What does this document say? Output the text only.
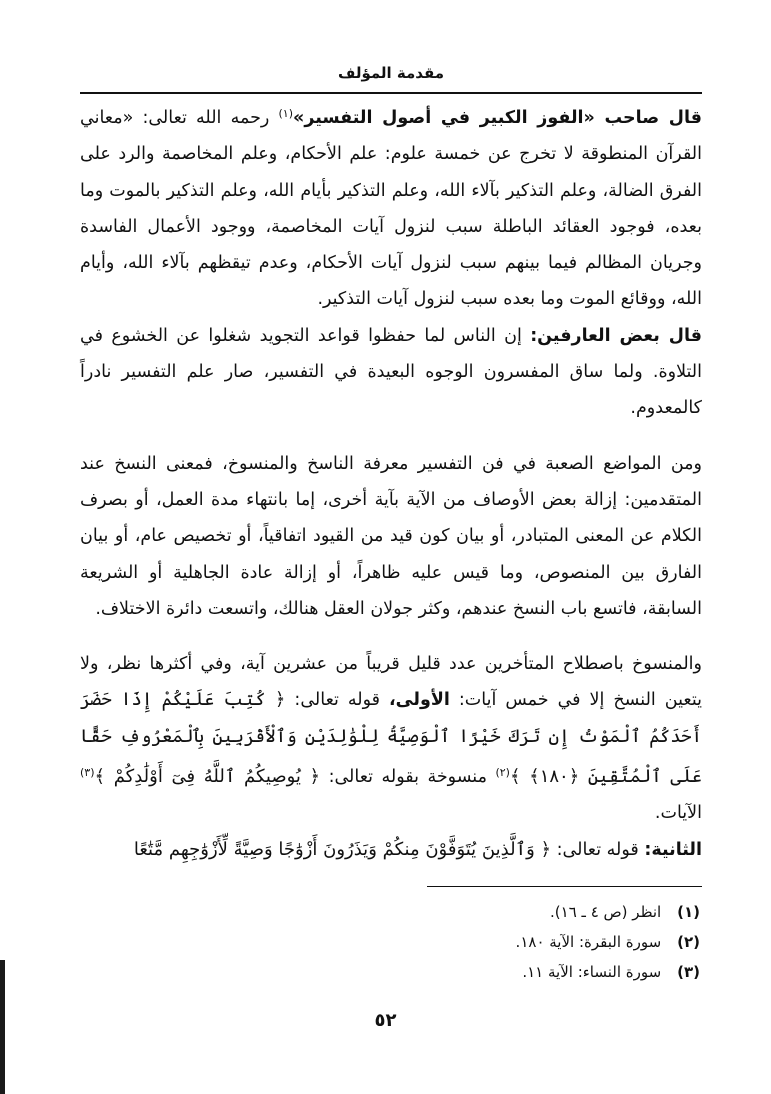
مقدمة المؤلف

قال صاحب «الفوز الكبير في أصول التفسير»$^{(١)}$ رحمه الله تعالى: «معاني القرآن المنطوقة لا تخرج عن خمسة علوم: علم الأحكام، وعلم المخاصمة والرد على الفرق الضالة، وعلم التذكير بآلاء الله، وعلم التذكير بأيام الله، وعلم التذكير بالموت وما بعده، فوجود العقائد الباطلة سبب لنزول آيات المخاصمة، ووجود الأعمال الفاسدة وجريان المظالم فيما بينهم سبب لنزول آيات الأحكام، وعدم تيقظهم بآلاء الله، وأيام الله، ووقائع الموت وما بعده سبب لنزول آيات التذكير.

قال بعض العارفين: إن الناس لما حفظوا قواعد التجويد شغلوا عن الخشوع في التلاوة. ولما ساق المفسرون الوجوه البعيدة في التفسير، صار علم التفسير نادراً كالمعدوم.

ومن المواضع الصعبة في فن التفسير معرفة الناسخ والمنسوخ، فمعنى النسخ عند المتقدمين: إزالة بعض الأوصاف من الآية بآية أخرى، إما بانتهاء مدة العمل، أو بصرف الكلام عن المعنى المتبادر، أو بيان كون قيد من القيود اتفاقياً، أو تخصيص عام، أو بيان الفارق بين المنصوص، وما قيس عليه ظاهراً، أو إزالة عادة الجاهلية أو الشريعة السابقة، فاتسع باب النسخ عندهم، وكثر جولان العقل هنالك، واتسعت دائرة الاختلاف.

والمنسوخ باصطلاح المتأخرين عدد قليل قريباً من عشرين آية، وفي أكثرها نظر، ولا يتعين النسخ إلا في خمس آيات: الأولى، قوله تعالى: ﴿ كُتِبَ عَلَيْكُمْ إِذَا حَضَرَ أَحَدَكُمُ ٱلْمَوْتُ إِن تَرَكَ خَيْرًا ٱلْوَصِيَّةُ لِلْوَٰلِدَيْنِ وَٱلْأَقْرَبِينَ بِٱلْمَعْرُوفِ حَقًّا عَلَى ٱلْمُتَّقِينَ ﴿١٨٠﴾ ﴾$^{(٢)}$ منسوخة بقوله تعالى: ﴿ يُوصِيكُمُ ٱللَّهُ فِىٓ أَوْلَٰدِكُمْ ﴾$^{(٣)}$ الآيات.
الثانية: قوله تعالى: ﴿ وَٱلَّذِينَ يُتَوَفَّوْنَ مِنكُمْ وَيَذَرُونَ أَزْوَٰجًا وَصِيَّةً لِّأَزْوَٰجِهِم مَّتَٰعًا

(١) انظر (ص ٤ ـ ١٦).
(٢) سورة البقرة: الآية ١٨٠.
(٣) سورة النساء: الآية ١١.
٥٢
